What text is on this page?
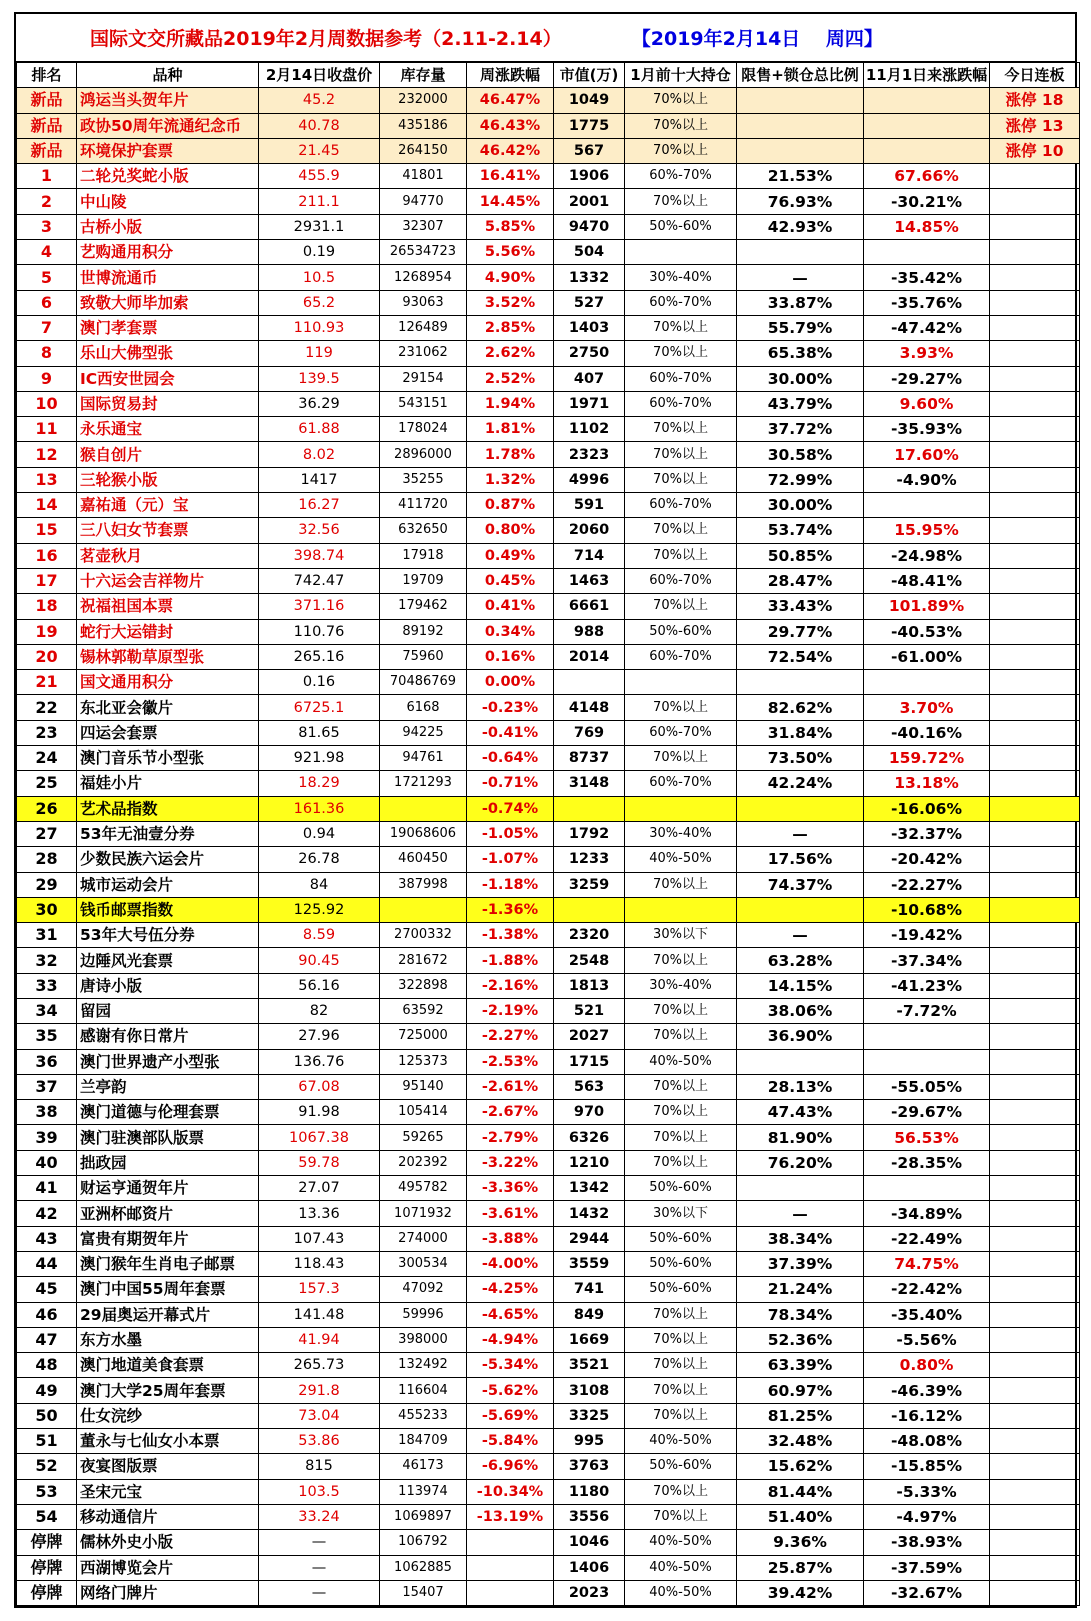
国际文交所藏品2019年2月周数据参考（2.11-2.14）	【2019年2月14日　 周四】
排名	品种	2月14日收盘价	库存量	周涨跌幅	市值(万)	1月前十大持仓	限售+锁仓总比例	11月1日来涨跌幅	今日连板
新品	鸿运当头贺年片	45.2	232000	46.47%	1049	70%以上			涨停 18
新品	政协50周年流通纪念币	40.78	435186	46.43%	1775	70%以上			涨停 13
新品	环境保护套票	21.45	264150	46.42%	567	70%以上			涨停 10
1	二轮兑奖蛇小版	455.9	41801	16.41%	1906	60%-70%	21.53%	67.66%	
2	中山陵	211.1	94770	14.45%	2001	70%以上	76.93%	-30.21%	
3	古桥小版	2931.1	32307	5.85%	9470	50%-60%	42.93%	14.85%	
4	艺购通用积分	0.19	26534723	5.56%	504				
5	世博流通币	10.5	1268954	4.90%	1332	30%-40%	—	-35.42%	
6	致敬大师毕加索	65.2	93063	3.52%	527	60%-70%	33.87%	-35.76%	
7	澳门孝套票	110.93	126489	2.85%	1403	70%以上	55.79%	-47.42%	
8	乐山大佛型张	119	231062	2.62%	2750	70%以上	65.38%	3.93%	
9	IC西安世园会	139.5	29154	2.52%	407	60%-70%	30.00%	-29.27%	
10	国际贸易封	36.29	543151	1.94%	1971	60%-70%	43.79%	9.60%	
11	永乐通宝	61.88	178024	1.81%	1102	70%以上	37.72%	-35.93%	
12	猴自创片	8.02	2896000	1.78%	2323	70%以上	30.58%	17.60%	
13	三轮猴小版	1417	35255	1.32%	4996	70%以上	72.99%	-4.90%	
14	嘉祐通（元）宝	16.27	411720	0.87%	591	60%-70%	30.00%		
15	三八妇女节套票	32.56	632650	0.80%	2060	70%以上	53.74%	15.95%	
16	茗壶秋月	398.74	17918	0.49%	714	70%以上	50.85%	-24.98%	
17	十六运会吉祥物片	742.47	19709	0.45%	1463	60%-70%	28.47%	-48.41%	
18	祝福祖国本票	371.16	179462	0.41%	6661	70%以上	33.43%	101.89%	
19	蛇行大运错封	110.76	89192	0.34%	988	50%-60%	29.77%	-40.53%	
20	锡林郭勒草原型张	265.16	75960	0.16%	2014	60%-70%	72.54%	-61.00%	
21	国文通用积分	0.16	70486769	0.00%					
22	东北亚会徽片	6725.1	6168	-0.23%	4148	70%以上	82.62%	3.70%	
23	四运会套票	81.65	94225	-0.41%	769	60%-70%	31.84%	-40.16%	
24	澳门音乐节小型张	921.98	94761	-0.64%	8737	70%以上	73.50%	159.72%	
25	福娃小片	18.29	1721293	-0.71%	3148	60%-70%	42.24%	13.18%	
26	艺术品指数	161.36		-0.74%				-16.06%	
27	53年无油壹分券	0.94	19068606	-1.05%	1792	30%-40%	—	-32.37%	
28	少数民族六运会片	26.78	460450	-1.07%	1233	40%-50%	17.56%	-20.42%	
29	城市运动会片	84	387998	-1.18%	3259	70%以上	74.37%	-22.27%	
30	钱币邮票指数	125.92		-1.36%				-10.68%	
31	53年大号伍分券	8.59	2700332	-1.38%	2320	30%以下	—	-19.42%	
32	边陲风光套票	90.45	281672	-1.88%	2548	70%以上	63.28%	-37.34%	
33	唐诗小版	56.16	322898	-2.16%	1813	30%-40%	14.15%	-41.23%	
34	留园	82	63592	-2.19%	521	70%以上	38.06%	-7.72%	
35	感谢有你日常片	27.96	725000	-2.27%	2027	70%以上	36.90%		
36	澳门世界遗产小型张	136.76	125373	-2.53%	1715	40%-50%			
37	兰亭韵	67.08	95140	-2.61%	563	70%以上	28.13%	-55.05%	
38	澳门道德与伦理套票	91.98	105414	-2.67%	970	70%以上	47.43%	-29.67%	
39	澳门驻澳部队版票	1067.38	59265	-2.79%	6326	70%以上	81.90%	56.53%	
40	拙政园	59.78	202392	-3.22%	1210	70%以上	76.20%	-28.35%	
41	财运亨通贺年片	27.07	495782	-3.36%	1342	50%-60%			
42	亚洲杯邮资片	13.36	1071932	-3.61%	1432	30%以下	—	-34.89%	
43	富贵有期贺年片	107.43	274000	-3.88%	2944	50%-60%	38.34%	-22.49%	
44	澳门猴年生肖电子邮票	118.43	300534	-4.00%	3559	50%-60%	37.39%	74.75%	
45	澳门中国55周年套票	157.3	47092	-4.25%	741	50%-60%	21.24%	-22.42%	
46	29届奥运开幕式片	141.48	59996	-4.65%	849	70%以上	78.34%	-35.40%	
47	东方水墨	41.94	398000	-4.94%	1669	70%以上	52.36%	-5.56%	
48	澳门地道美食套票	265.73	132492	-5.34%	3521	70%以上	63.39%	0.80%	
49	澳门大学25周年套票	291.8	116604	-5.62%	3108	70%以上	60.97%	-46.39%	
50	仕女浣纱	73.04	455233	-5.69%	3325	70%以上	81.25%	-16.12%	
51	董永与七仙女小本票	53.86	184709	-5.84%	995	40%-50%	32.48%	-48.08%	
52	夜宴图版票	815	46173	-6.96%	3763	50%-60%	15.62%	-15.85%	
53	圣宋元宝	103.5	113974	-10.34%	1180	70%以上	81.44%	-5.33%	
54	移动通信片	33.24	1069897	-13.19%	3556	70%以上	51.40%	-4.97%	
停牌	儒林外史小版	—	106792		1046	40%-50%	9.36%	-38.93%	
停牌	西湖博览会片	—	1062885		1406	40%-50%	25.87%	-37.59%	
停牌	网络门牌片	—	15407		2023	40%-50%	39.42%	-32.67%	
